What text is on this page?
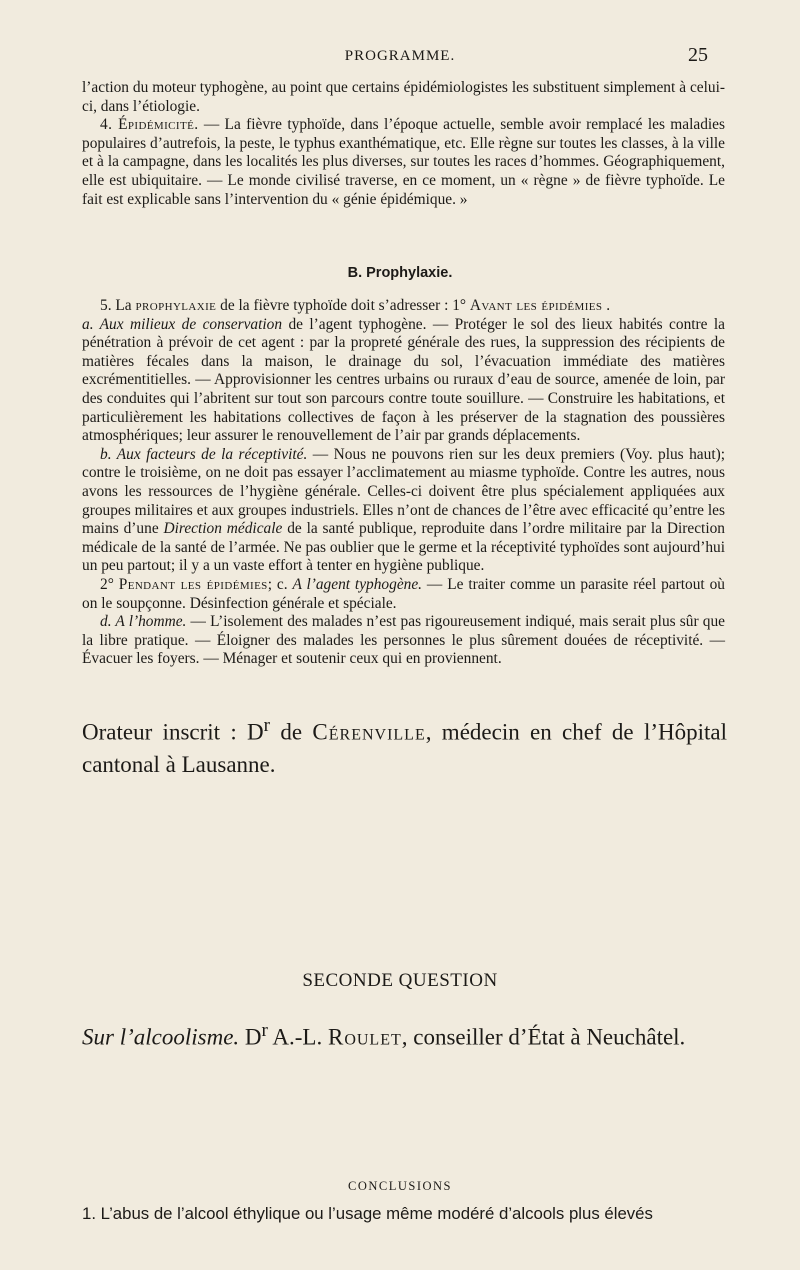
PROGRAMME.	25

l’action du moteur typhogène, au point que certains épidémiologistes les substituent simplement à celui-ci, dans l’étiologie.

4. Épidémicité. — La fièvre typhoïde, dans l’époque actuelle, semble avoir remplacé les maladies populaires d’autrefois, la peste, le typhus exanthématique, etc. Elle règne sur toutes les classes, à la ville et à la campagne, dans les localités les plus diverses, sur toutes les races d’hommes. Géographiquement, elle est ubiquitaire. — Le monde civilisé traverse, en ce moment, un « règne » de fièvre typhoïde. Le fait est explicable sans l’intervention du « génie épidémique. »

B. Prophylaxie.

5. La prophylaxie de la fièvre typhoïde doit s’adresser : 1° Avant les épidémies .

a. Aux milieux de conservation de l’agent typhogène. — Protéger le sol des lieux habités contre la pénétration à prévoir de cet agent : par la propreté générale des rues, la suppression des récipients de matières fécales dans la maison, le drainage du sol, l’évacuation immédiate des matières excrémentitielles. — Approvisionner les centres urbains ou ruraux d’eau de source, amenée de loin, par des conduites qui l’abritent sur tout son parcours contre toute souillure. — Construire les habitations, et particulièrement les habitations collectives de façon à les préserver de la stagnation des poussières atmosphériques; leur assurer le renouvellement de l’air par grands déplacements.

b. Aux facteurs de la réceptivité. — Nous ne pouvons rien sur les deux premiers (Voy. plus haut); contre le troisième, on ne doit pas essayer l’acclimatement au miasme typhoïde. Contre les autres, nous avons les ressources de l’hygiène générale. Celles-ci doivent être plus spécialement appliquées aux groupes militaires et aux groupes industriels. Elles n’ont de chances de l’être avec efficacité qu’entre les mains d’une Direction médicale de la santé publique, reproduite dans l’ordre militaire par la Direction médicale de la santé de l’armée. Ne pas oublier que le germe et la réceptivité typhoïdes sont aujourd’hui un peu partout; il y a un vaste effort à tenter en hygiène publique.

2° Pendant les épidémies; c. A l’agent typhogène. — Le traiter comme un parasite réel partout où on le soupçonne. Désinfection générale et spéciale.

d. A l’homme. — L’isolement des malades n’est pas rigoureusement indiqué, mais serait plus sûr que la libre pratique. — Éloigner des malades les personnes le plus sûrement douées de réceptivité. — Évacuer les foyers. — Ménager et soutenir ceux qui en proviennent.

Orateur inscrit : $D^r$ de Cérenville, médecin en chef de l’Hôpital cantonal à Lausanne.
SECONDE QUESTION
Sur l’alcoolisme. $D^r$ A.-L. Roulet, conseiller d’État à Neuchâtel.
CONCLUSIONS
1. L’abus de l’alcool éthylique ou l’usage même modéré d’alcools plus élevés
